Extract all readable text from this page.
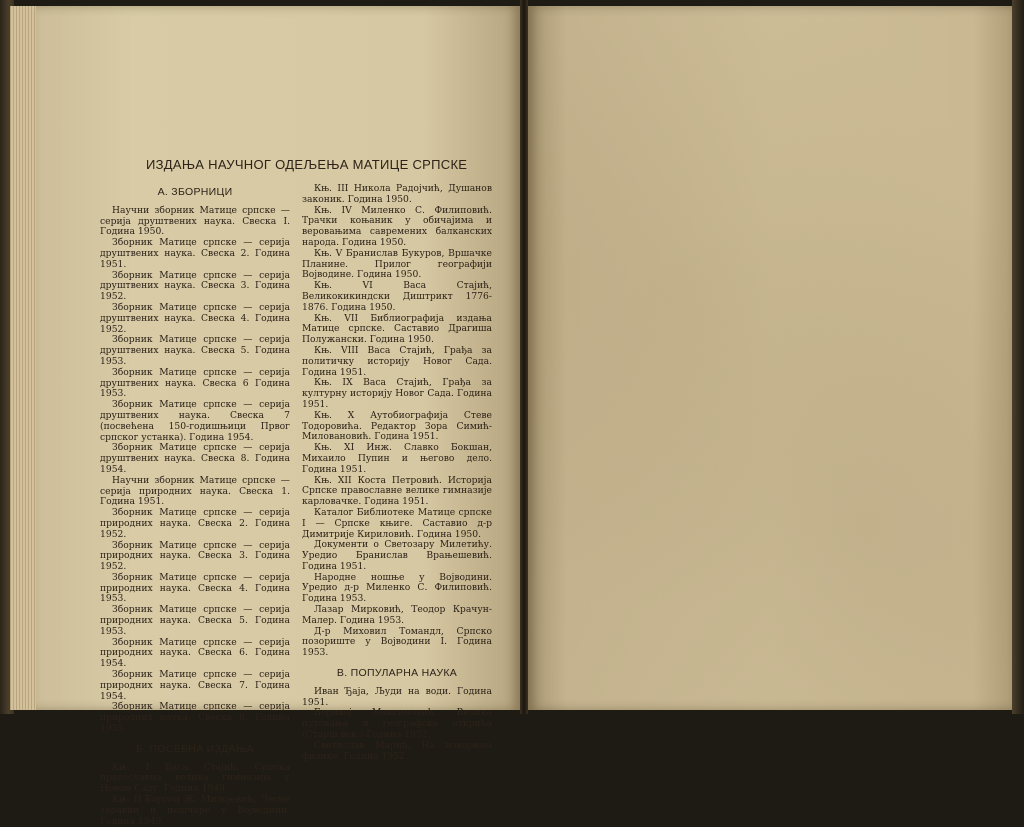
ИЗДАЊА НАУЧНОГ ОДЕЉЕЊА МАТИЦЕ СРПСКЕ
А. ЗБОРНИЦИ

Научни зборник Матице српске — серија друштвених наука. Свеска I. Година 1950.

Зборник Матице српске — серија друштвених наука. Свеска 2. Година 1951.

Зборник Матице српске — серија друштвених наука. Свеска 3. Година 1952.

Зборник Матице српске — серија друштвених наука. Свеска 4. Година 1952.

Зборник Матице српске — серија друштвених наука. Свеска 5. Година 1953.

Зборник Матице српске — серија друштвених наука. Свеска 6 Година 1953.

Зборник Матице српске — серија друштвених наука. Свеска 7 (посвећена 150-годишњици Првог српског устанка). Година 1954.

Зборник Матице српске — серија друштвених наука. Свеска 8. Година 1954.

Научни зборник Матице српске — серија природних наука. Свеска 1. Година 1951.

Зборник Матице српске — серија природних наука. Свеска 2. Година 1952.

Зборник Матице српске — серија природних наука. Свеска 3. Година 1952.

Зборник Матице српске — серија природних наука. Свеска 4. Година 1953.

Зборник Матице српске — серија природних наука. Свеска 5. Година 1953.

Зборник Матице српске — серија природних наука. Свеска 6. Година 1954.

Зборник Матице српске — серија природних наука. Свеска 7. Година 1954.

Зборник Матице српске — серија природних наука. Свеска 8. Година 1955.

Б. ПОСЕБНА ИЗДАЊА

Књ. I Васа Стајић, Српска православна велика гимназија у Новом Саду. Година 1949.

Књ. II Борivoj Ж. Милојевић, Лесне заравни и пешчаре у Војводини. Година 1949.

Књ. III Никола Радојчић, Душанов законик. Година 1950.

Књ. IV Миленко С. Филиповић. Трачки коњаник у обичајима и веровањима савремених балканских народа. Година 1950.

Књ. V Бранислав Букуров, Вршачке Планине. Прилог географији Војводине. Година 1950.

Књ. VI Васа Стајић, Великокикиндски Диштрикт 1776-1876. Година 1950.

Књ. VII Библиографија издања Матице српске. Саставио Драгиша Полужански. Година 1950.

Књ. VIII Васа Стајић, Грађа за политичку историју Новог Сада. Година 1951.

Књ. IX Васа Стајић, Грађа за културну историју Новог Сада. Година 1951.

Књ. X Аутобиографија Стеве Тодоровића. Редактор Зора Симић-Миловановић. Година 1951.

Књ. XI Инж. Славко Бокшан, Михаило Пупин и његово дело. Година 1951.

Књ. XII Коста Петровић. Историја Српске православне велике гимназије карловачке. Година 1951.

Каталог Библиотеке Матице српске I — Српске књиге. Саставио д-р Димитрије Кириловић. Година 1950.

Документи о Светозару Милетићу. Уредио Бранислав Врањешевић. Година 1951.

Народне ношње у Војводини. Уредио д-р Миленко С. Филиповић. Година 1953.

Лазар Мирковић, Теодор Крачун-Малер. Година 1953.

Д-р Миховил Томандл, Српско позориште у Војводини I. Година 1953.

В. ПОПУЛАРНА НАУКА

Иван Ђаја, Људи на води. Година 1951.

Боривој Максимовић, Велика путовања и географска открића (Старш век.) Година 1952.

Светислав Марић, На изворима физике. Година 1952.
